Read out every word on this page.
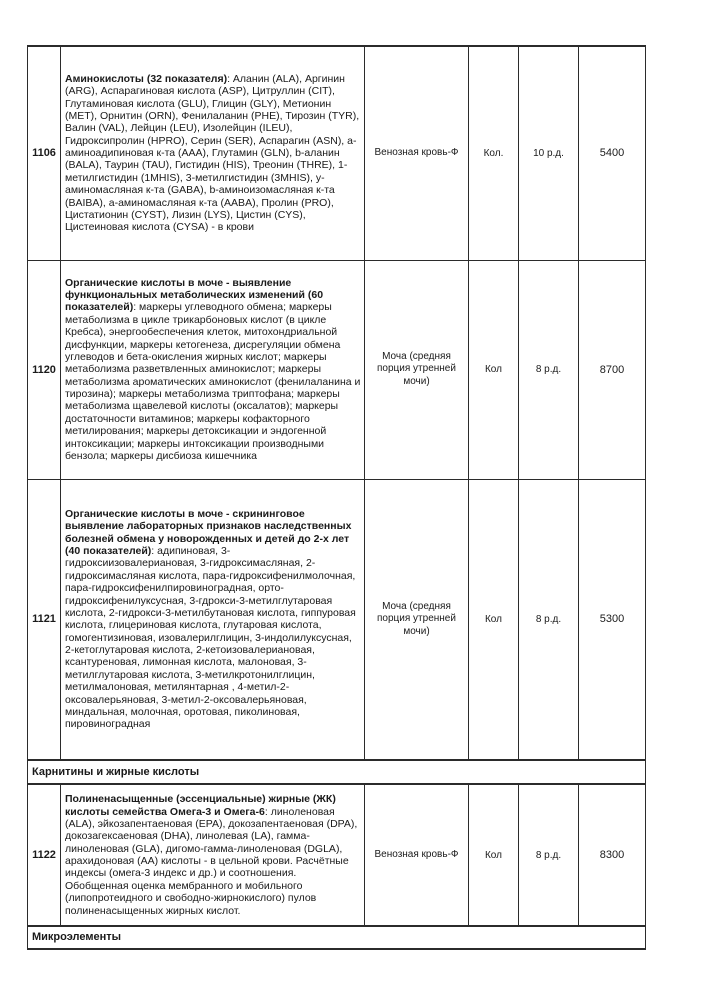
1106	Аминокислоты (32 показателя): Аланин (ALA), Аргинин (ARG), Аспарагиновая кислота (ASP), Цитруллин (CIT), Глутаминовая кислота (GLU), Глицин (GLY), Метионин (MET), Орнитин (ORN), Фенилаланин (PHE), Тирозин (TYR), Валин (VAL), Лейцин (LEU), Изолейцин (ILEU), Гидроксипролин (HPRO), Серин (SER), Аспарагин (ASN), а-аминоадипиновая к-та (AAA), Глутамин (GLN), b-аланин (BALA), Таурин (TAU), Гистидин (HIS), Треонин (THRE), 1-метилгистидин (1MHIS), 3-метилгистидин (3MHIS), у-аминомасляная к-та (GABA), b-аминоизомасляная к-та (BAIBA), а-аминомасляная к-та (AABA), Пролин (PRO), Цистатионин (CYST), Лизин (LYS), Цистин (CYS), Цистеиновая кислота (CYSA) - в крови	Венозная кровь-Ф	Кол.	10 р.д.	5400
1120	Органические кислоты в моче - выявление функциональных метаболических изменений (60 показателей): маркеры углеводного обмена; маркеры метаболизма в цикле трикарбоновых кислот (в цикле Кребса), энергообеспечения клеток, митохондриальной дисфункции, маркеры кетогенеза, дисрегуляции обмена углеводов и бета-окисления жирных кислот; маркеры метаболизма разветвленных аминокислот; маркеры метаболизма ароматических аминокислот (фенилаланина и тирозина); маркеры метаболизма триптофана; маркеры метаболизма щавелевой кислоты (оксалатов); маркеры достаточности витаминов; маркеры кофакторного метилирования; маркеры детоксикации и эндогенной интоксикации; маркеры интоксикации производными бензола; маркеры дисбиоза кишечника	Моча (средняя порция утренней мочи)	Кол	8 р.д.	8700
1121	Органические кислоты в моче - скрининговое выявление лабораторных признаков наследственных болезней обмена у новорожденных и детей до 2-х лет (40 показателей): адипиновая, 3-гидроксиизовалериановая, 3-гидроксимасляная, 2-гидроксимасляная кислота, пара-гидроксифенилмолочная, пара-гидроксифенилпировиноградная, орто-гидроксифенилуксусная, 3-гдрокси-3-метилглутаровая кислота, 2-гидрокси-3-метилбутановая кислота, гиппуровая кислота, глицериновая кислота, глутаровая кислота, гомогентизиновая, изовалерилглицин, 3-индолилуксусная, 2-кетоглутаровая кислота, 2-кетоизовалериановая, ксантуреновая, лимонная кислота, малоновая, 3-метилглутаровая кислота, 3-метилкротонилглицин, метилмалоновая, метилянтарная , 4-метил-2-оксовалерьяновая, 3-метил-2-оксовалерьяновая, миндальная, молочная, оротовая, пиколиновая, пировиноградная	Моча (средняя порция утренней мочи)	Кол	8 р.д.	5300
Карнитины и жирные кислоты					
1122	Полиненасыщенные (эссенциальные) жирные (ЖК) кислоты семейства Омега-3 и Омега-6: линоленовая (ALA), эйкозапентаеновая (EPA), докозапентаеновая (DPA), докозагексаеновая (DHA), линолевая (LA), гамма-линоленовая (GLA), дигомо-гамма-линоленовая (DGLA), арахидоновая (AA) кислоты - в цельной крови. Расчётные индексы (омега-3 индекс и др.) и соотношения. Обобщенная оценка мембранного и мобильного (липопротеидного и свободно-жирнокислого) пулов полиненасыщенных жирных кислот.	Венозная кровь-Ф	Кол	8 р.д.	8300
Микроэлементы					
